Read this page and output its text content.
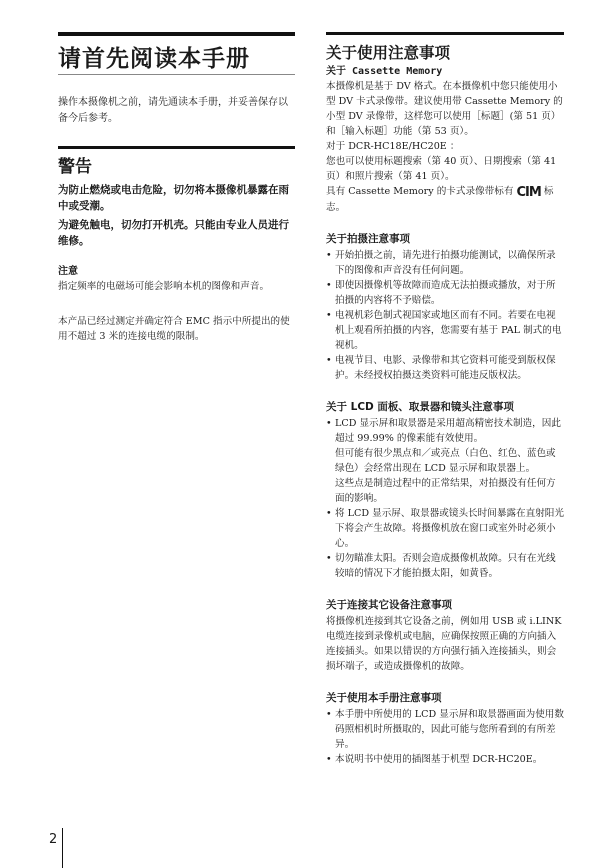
请首先阅读本手册

操作本摄像机之前，请先通读本手册，并妥善保存以备今后参考。

警告

为防止燃烧或电击危险，切勿将本摄像机暴露在雨中或受潮。

为避免触电，切勿打开机壳。只能由专业人员进行维修。

注意

指定频率的电磁场可能会影响本机的图像和声音。

本产品已经过测定并确定符合 EMC 指示中所提出的使用不超过 3 米的连接电缆的限制。

关于使用注意事项
关于 Cassette Memory

本摄像机是基于 DV 格式。在本摄像机中您只能使用小型 DV 卡式录像带。建议使用带 Cassette Memory 的小型 DV 录像带，这样您可以使用［标题］(第 51 页）和［输入标题］功能（第 53 页）。

对于 DCR-HC18E/HC20E ：

您也可以使用标题搜索（第 40 页）、日期搜索（第 41 页）和照片搜索（第 41 页）。

具有 Cassette Memory 的卡式录像带标有 CIM 标志。

关于拍摄注意事项
• 开始拍摄之前，请先进行拍摄功能测试，以确保所录下的图像和声音没有任何问题。
• 即使因摄像机等故障而造成无法拍摄或播放，对于所拍摄的内容将不予赔偿。
• 电视机彩色制式视国家或地区而有不同。若要在电视机上观看所拍摄的内容，您需要有基于 PAL 制式的电视机。
• 电视节目、电影、录像带和其它资料可能受到版权保护。未经授权拍摄这类资料可能违反版权法。
关于 LCD 面板、取景器和镜头注意事项
• LCD 显示屏和取景器是采用超高精密技术制造，因此超过 99.99% 的像素能有效使用。
但可能有很少黑点和／或亮点（白色、红色、蓝色或绿色）会经常出现在 LCD 显示屏和取景器上。
这些点是制造过程中的正常结果，对拍摄没有任何方面的影响。
• 将 LCD 显示屏、取景器或镜头长时间暴露在直射阳光下将会产生故障。将摄像机放在窗口或室外时必须小心。
• 切勿瞄准太阳。否则会造成摄像机故障。只有在光线较暗的情况下才能拍摄太阳，如黄昏。
关于连接其它设备注意事项

将摄像机连接到其它设备之前，例如用 USB 或 i.LINK 电缆连接到录像机或电脑，应确保按照正确的方向插入连接插头。如果以错误的方向强行插入连接插头，则会损坏端子，或造成摄像机的故障。

关于使用本手册注意事项
• 本手册中所使用的 LCD 显示屏和取景器画面为使用数码照相机时所摄取的，因此可能与您所看到的有所差异。
• 本说明书中使用的插图基于机型 DCR-HC20E。
2
